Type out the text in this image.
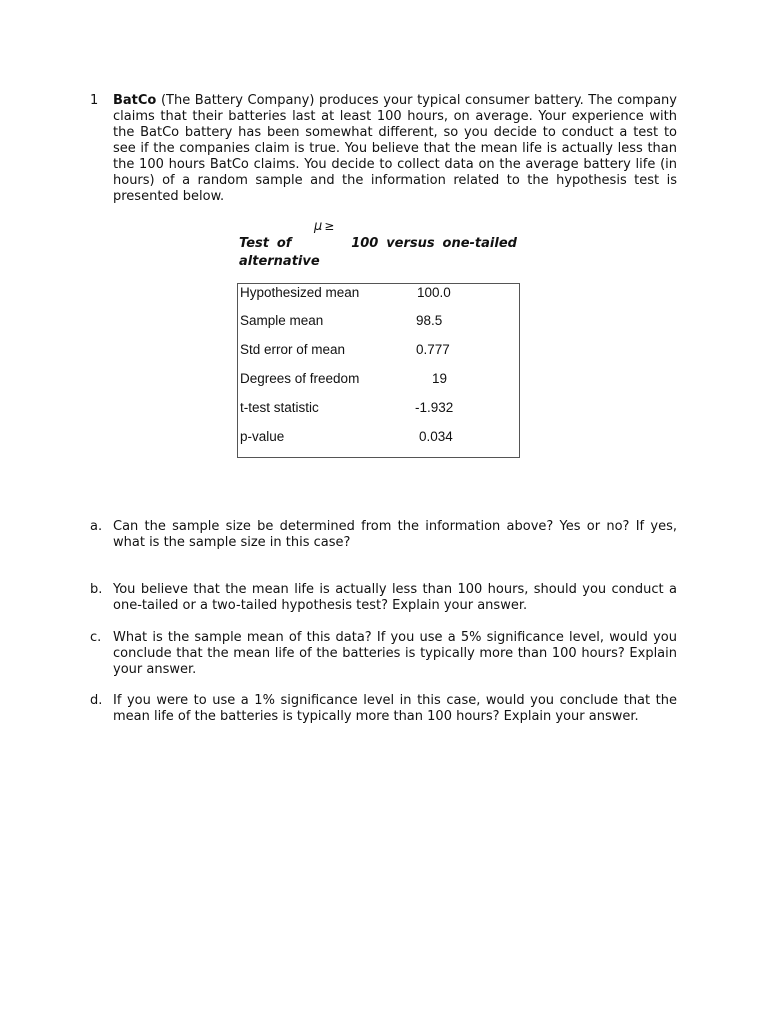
1 BatCo (The Battery Company) produces your typical consumer battery. The company claims that their batteries last at least 100 hours, on average. Your experience with the BatCo battery has been somewhat different, so you decide to conduct a test to see if the companies claim is true. You believe that the mean life is actually less than the 100 hours BatCo claims. You decide to collect data on the average battery life (in hours) of a random sample and the information related to the hypothesis test is presented below.

μ ≥
Test of	100 versus one-tailed
alternative
Hypothesized mean	100.0
Sample mean	98.5
Std error of mean	0.777
Degrees of freedom	19
t-test statistic	-1.932
p-value	0.034
a. Can the sample size be determined from the information above? Yes or no? If yes, what is the sample size in this case?

b. You believe that the mean life is actually less than 100 hours, should you conduct a one-tailed or a two-tailed hypothesis test? Explain your answer.

c. What is the sample mean of this data? If you use a 5% significance level, would you conclude that the mean life of the batteries is typically more than 100 hours? Explain your answer.

d. If you were to use a 1% significance level in this case, would you conclude that the mean life of the batteries is typically more than 100 hours? Explain your answer.
